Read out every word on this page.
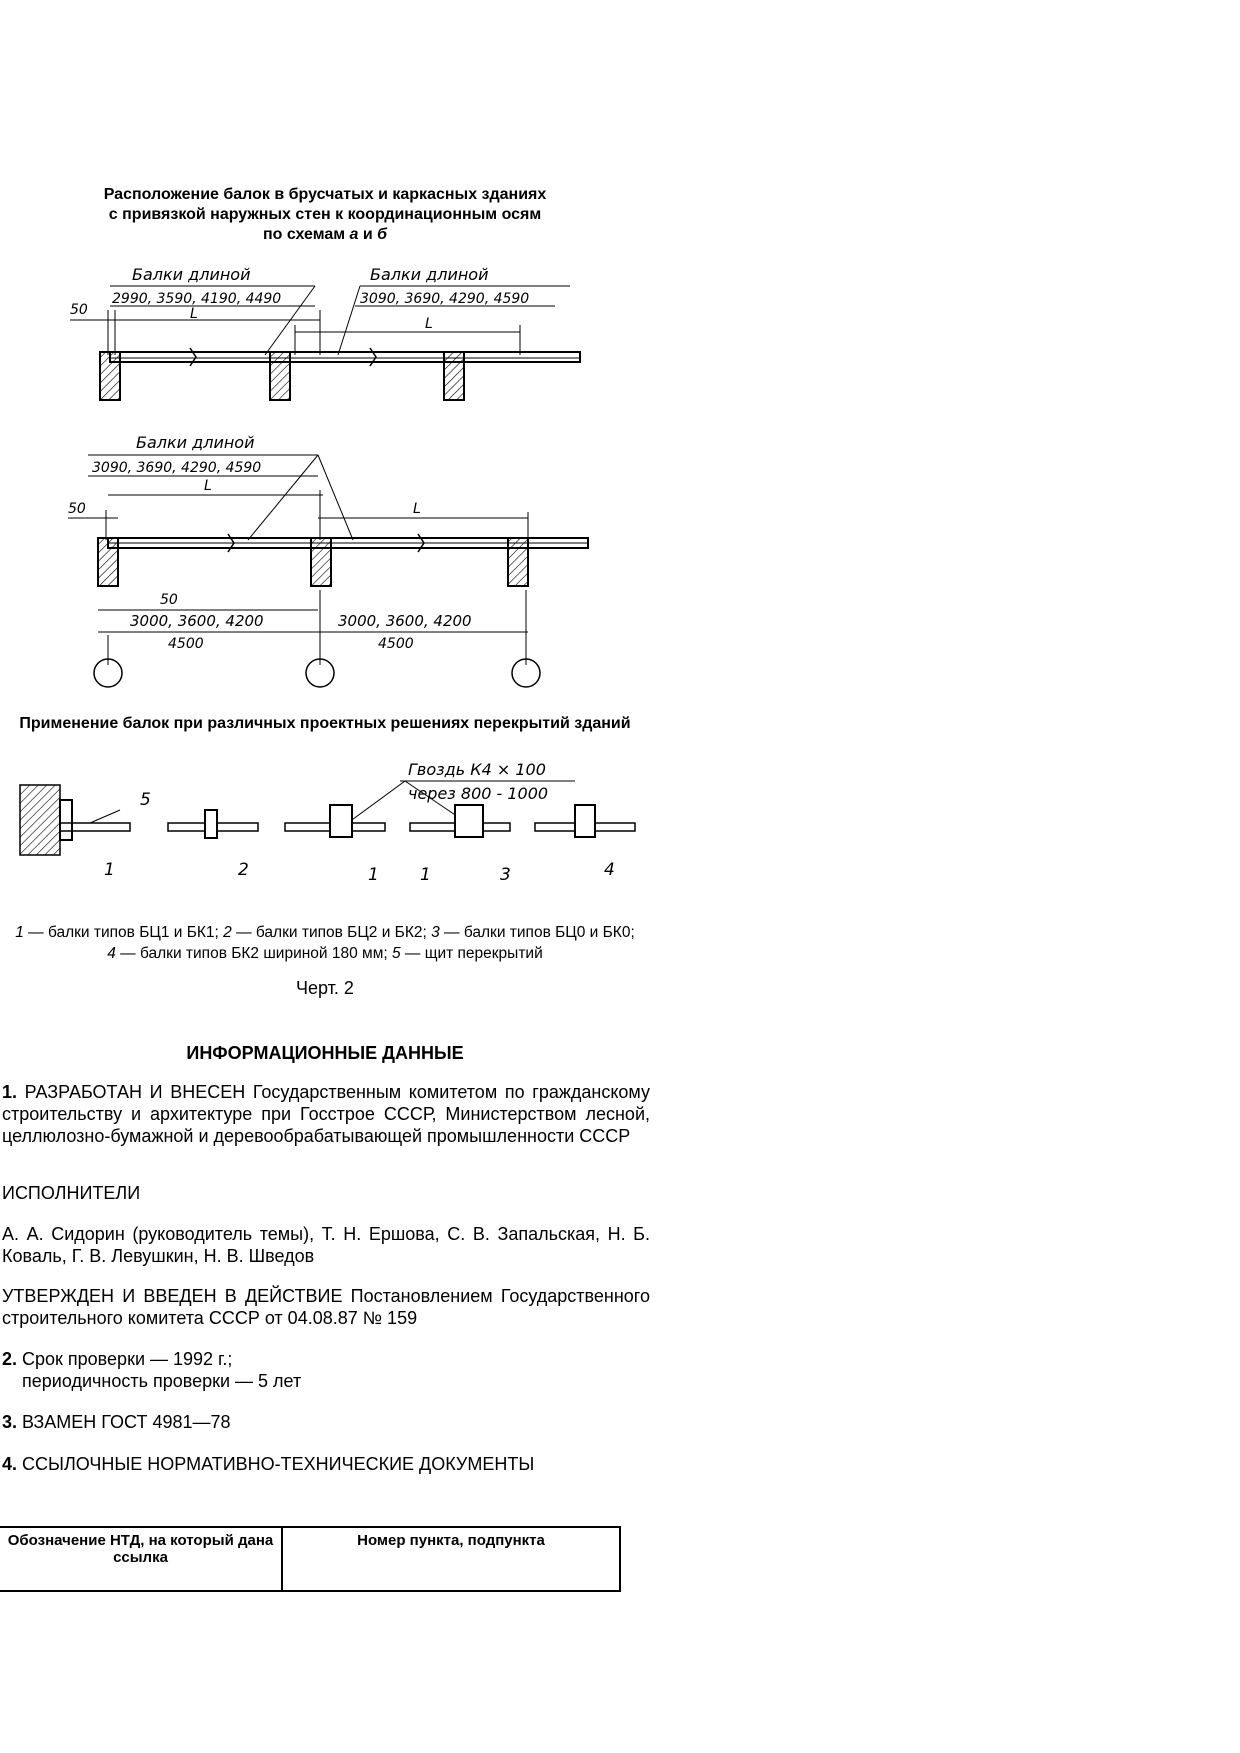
Расположение балок в брусчатых и каркасных зданиях
с привязкой наружных стен к координационным осям
по схемам а и б
Балки длиной	Балки длиной
2990, 3590, 4190, 4490	3090, 3690, 4290, 4590
50	L
L
Балки длиной
3090, 3690, 4290, 4590
L
50	L
50
3000, 3600, 4200	3000, 3600, 4200
4500	4500
Применение балок при различных проектных решениях перекрытий зданий
Гвоздь К4 × 100
через 800 - 1000
5
1	2	1 1	3	4
1 — балки типов БЦ1 и БК1; 2 — балки типов БЦ2 и БК2; 3 — балки типов БЦ0 и БК0;
4 — балки типов БК2 шириной 180 мм; 5 — щит перекрытий
Черт. 2
ИНФОРМАЦИОННЫЕ ДАННЫЕ
1. РАЗРАБОТАН И ВНЕСЕН Государственным комитетом по гражданскому строительству и архитектуре при Госстрое СССР, Министерством лесной, целлюлозно-бумажной и деревообрабатывающей промышленности СССР
ИСПОЛНИТЕЛИ
А. А. Сидорин (руководитель темы), Т. Н. Ершова, С. В. Запальская, Н. Б. Коваль, Г. В. Левушкин, Н. В. Шведов
УТВЕРЖДЕН И ВВЕДЕН В ДЕЙСТВИЕ Постановлением Государственного строительного комитета СССР от 04.08.87 № 159
2. Срок проверки — 1992 г.;
периодичность проверки — 5 лет
3. ВЗАМЕН ГОСТ 4981—78
4. ССЫЛОЧНЫЕ НОРМАТИВНО-ТЕХНИЧЕСКИЕ ДОКУМЕНТЫ
Обозначение НТД, на который дана ссылка	Номер пункта, подпункта
